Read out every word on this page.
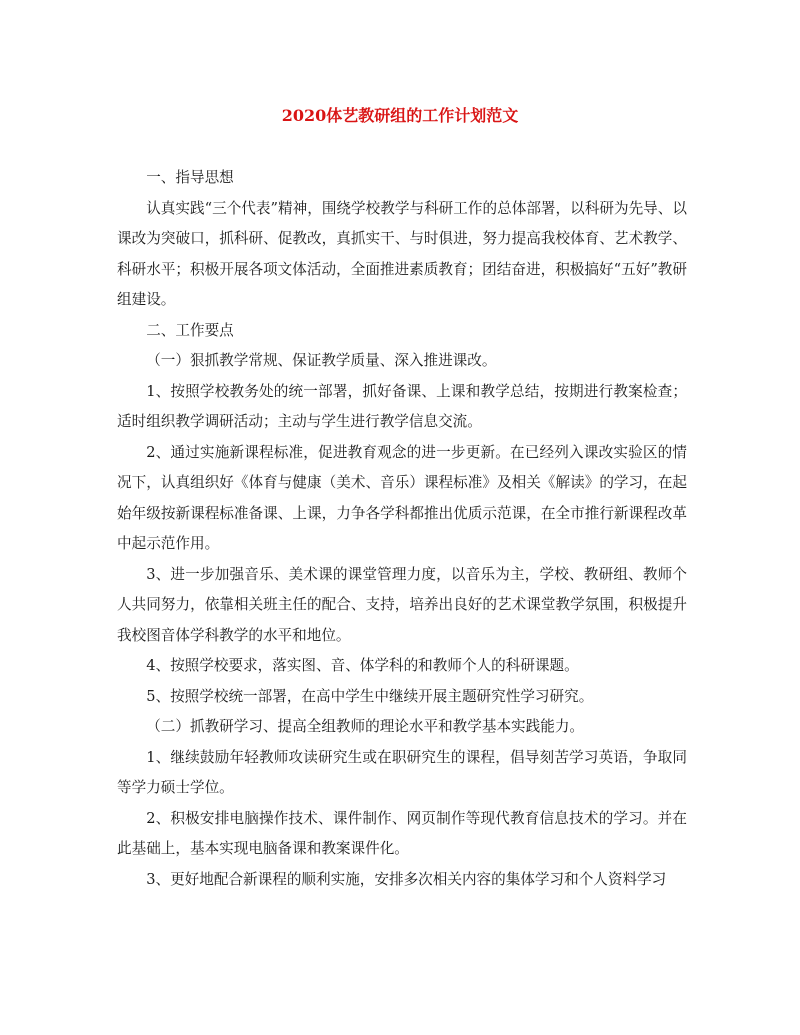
2020体艺教研组的工作计划范文

一、指导思想

认真实践“三个代表”精神，围绕学校教学与科研工作的总体部署，以科研为先导、以课改为突破口，抓科研、促教改，真抓实干、与时俱进，努力提高我校体育、艺术教学、科研水平；积极开展各项文体活动，全面推进素质教育；团结奋进，积极搞好“五好”教研组建设。

二、工作要点

（一）狠抓教学常规、保证教学质量、深入推进课改。

1、按照学校教务处的统一部署，抓好备课、上课和教学总结，按期进行教案检查；适时组织教学调研活动；主动与学生进行教学信息交流。

2、通过实施新课程标准，促进教育观念的进一步更新。在已经列入课改实验区的情况下，认真组织好《体育与健康（美术、音乐）课程标准》及相关《解读》的学习，在起始年级按新课程标准备课、上课，力争各学科都推出优质示范课，在全市推行新课程改革中起示范作用。

3、进一步加强音乐、美术课的课堂管理力度，以音乐为主，学校、教研组、教师个人共同努力，依靠相关班主任的配合、支持，培养出良好的艺术课堂教学氛围，积极提升我校图音体学科教学的水平和地位。

4、按照学校要求，落实图、音、体学科的和教师个人的科研课题。

5、按照学校统一部署，在高中学生中继续开展主题研究性学习研究。

（二）抓教研学习、提高全组教师的理论水平和教学基本实践能力。

1、继续鼓励年轻教师攻读研究生或在职研究生的课程，倡导刻苦学习英语，争取同等学力硕士学位。

2、积极安排电脑操作技术、课件制作、网页制作等现代教育信息技术的学习。并在此基础上，基本实现电脑备课和教案课件化。

3、更好地配合新课程的顺利实施，安排多次相关内容的集体学习和个人资料学习
